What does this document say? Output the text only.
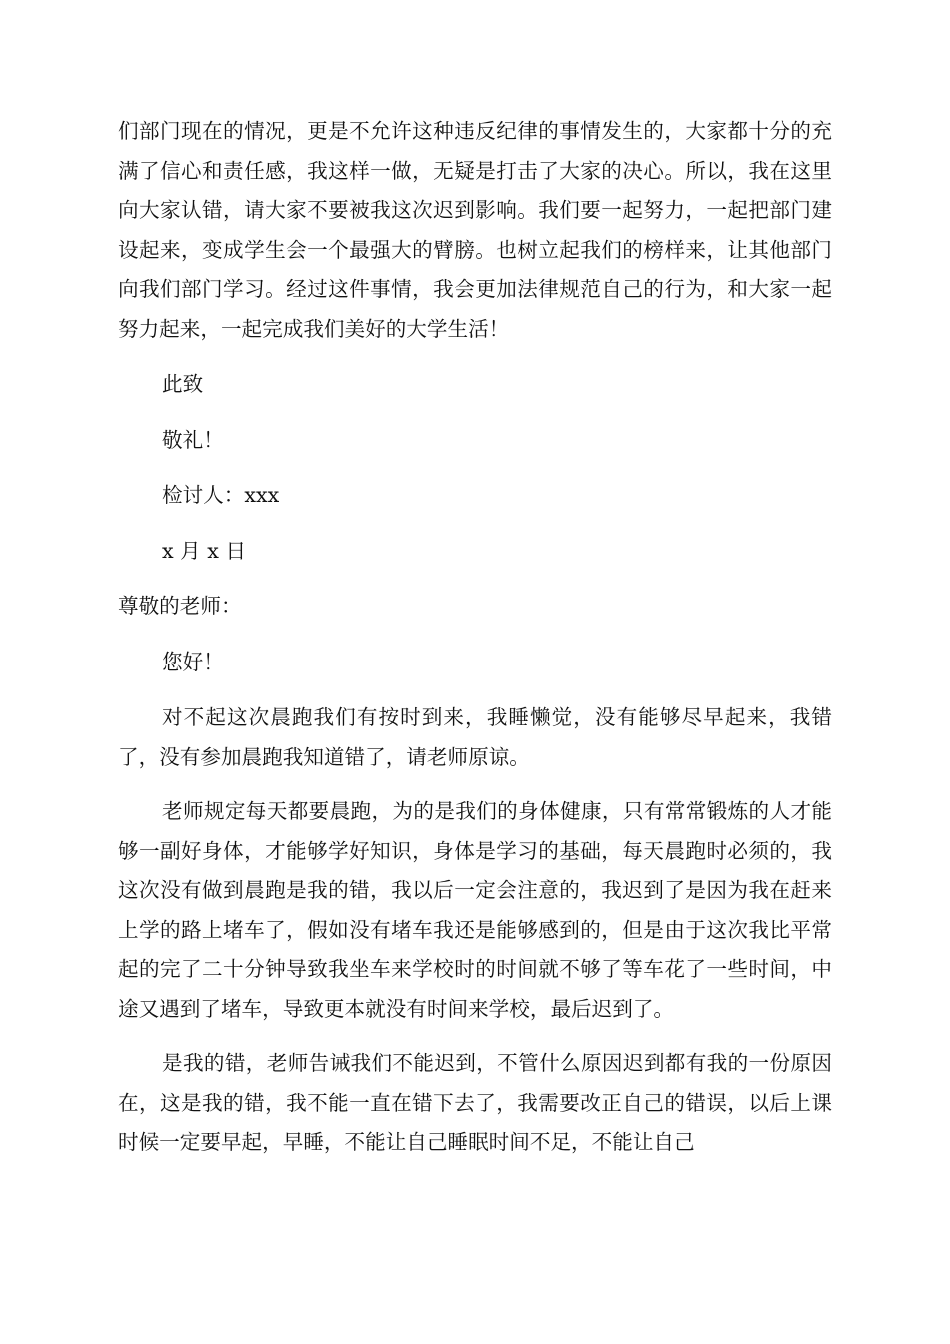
们部门现在的情况，更是不允许这种违反纪律的事情发生的，大家都十分的充满了信心和责任感，我这样一做，无疑是打击了大家的决心。所以，我在这里向大家认错，请大家不要被我这次迟到影响。我们要一起努力，一起把部门建设起来，变成学生会一个最强大的臂膀。也树立起我们的榜样来，让其他部门向我们部门学习。经过这件事情，我会更加法律规范自己的行为，和大家一起努力起来，一起完成我们美好的大学生活！

此致

敬礼！

检讨人：xxx

x 月 x 日

尊敬的老师：

您好！

对不起这次晨跑我们有按时到来，我睡懒觉，没有能够尽早起来，我错了，没有参加晨跑我知道错了，请老师原谅。

老师规定每天都要晨跑，为的是我们的身体健康，只有常常锻炼的人才能够一副好身体，才能够学好知识，身体是学习的基础，每天晨跑时必须的，我这次没有做到晨跑是我的错，我以后一定会注意的，我迟到了是因为我在赶来上学的路上堵车了，假如没有堵车我还是能够感到的，但是由于这次我比平常起的完了二十分钟导致我坐车来学校时的时间就不够了等车花了一些时间，中途又遇到了堵车，导致更本就没有时间来学校，最后迟到了。

是我的错，老师告诫我们不能迟到，不管什么原因迟到都有我的一份原因在，这是我的错，我不能一直在错下去了，我需要改正自己的错误，以后上课时候一定要早起，早睡，不能让自己睡眠时间不足，不能让自己
